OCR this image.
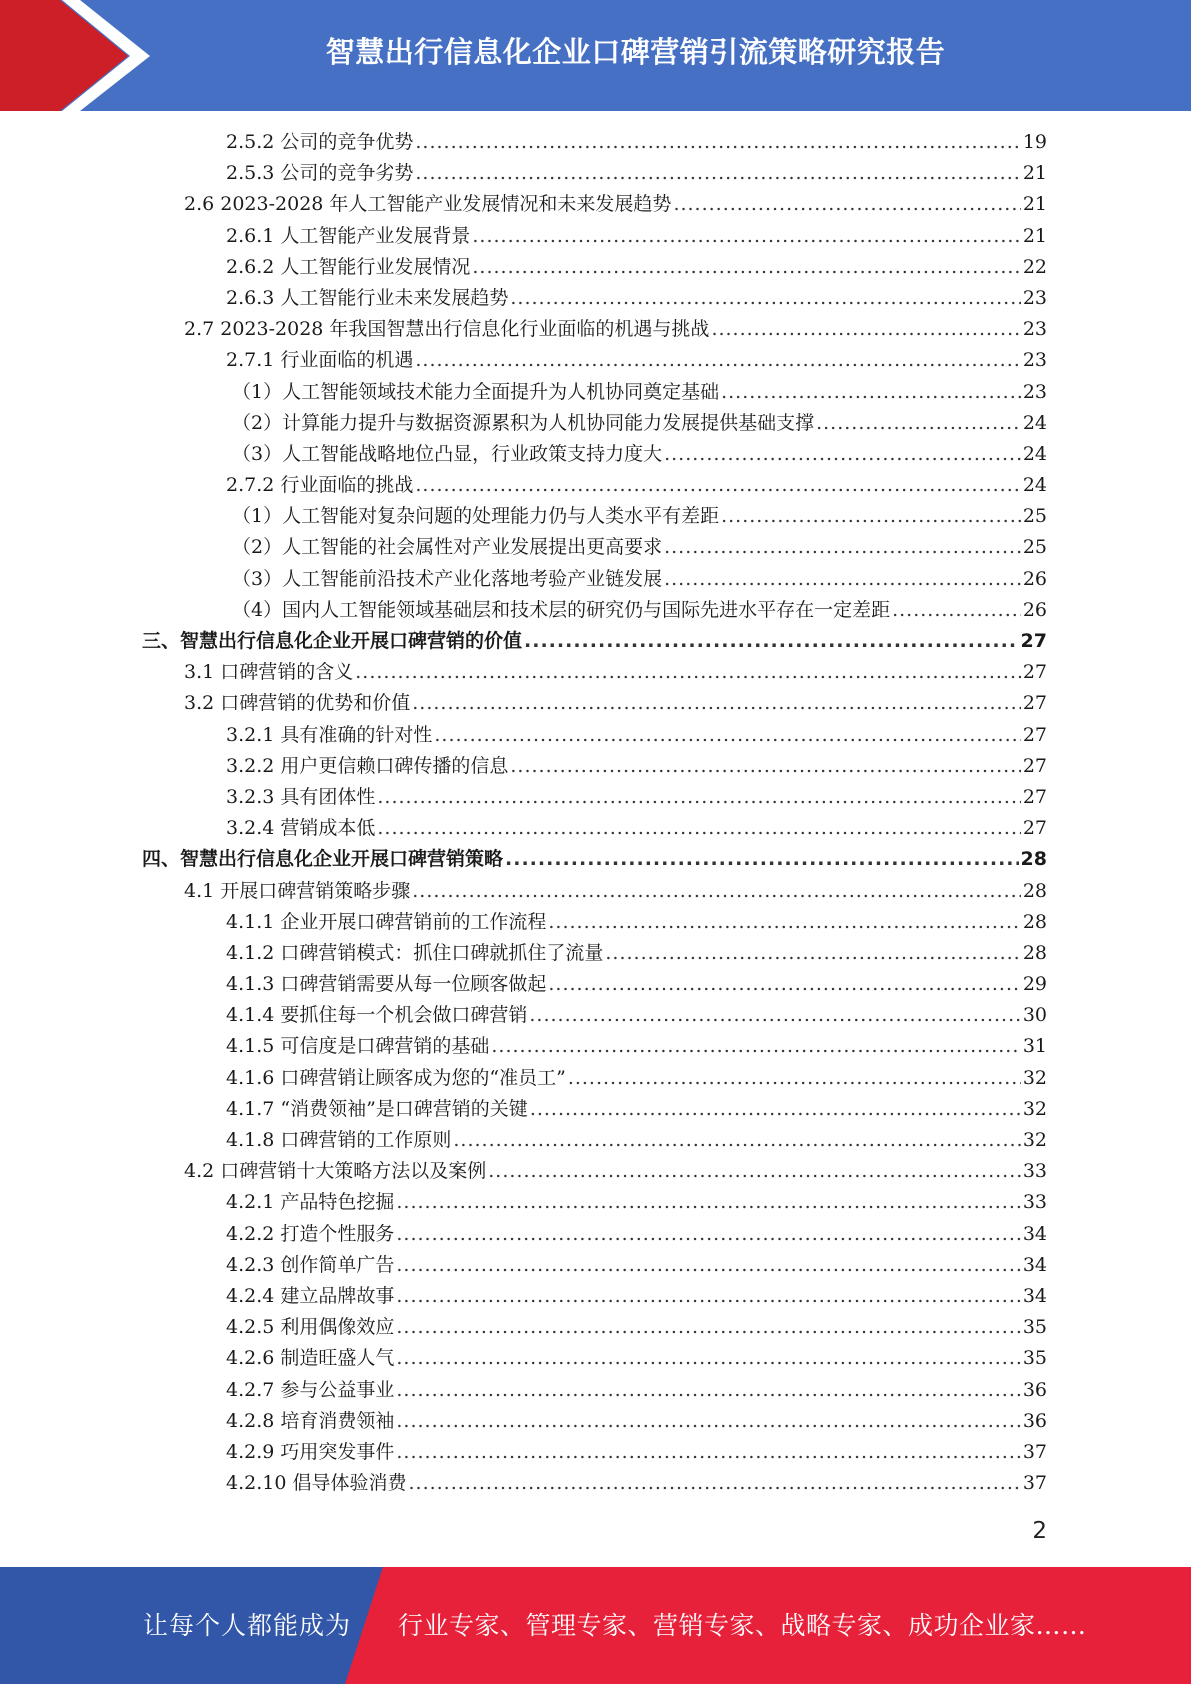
智慧出行信息化企业口碑营销引流策略研究报告
2.5.2 公司的竞争优势 .....	19
2.5.3 公司的竞争劣势 .....	21
2.6 2023-2028 年人工智能产业发展情况和未来发展趋势 .....	21
2.6.1 人工智能产业发展背景 .....	21
2.6.2 人工智能行业发展情况 .....	22
2.6.3 人工智能行业未来发展趋势 .....	23
2.7 2023-2028 年我国智慧出行信息化行业面临的机遇与挑战 .....	23
2.7.1 行业面临的机遇 .....	23
（1）人工智能领域技术能力全面提升为人机协同奠定基础 .....	23
（2）计算能力提升与数据资源累积为人机协同能力发展提供基础支撑 .....	24
（3）人工智能战略地位凸显，行业政策支持力度大 .....	24
2.7.2 行业面临的挑战 .....	24
（1）人工智能对复杂问题的处理能力仍与人类水平有差距 .....	25
（2）人工智能的社会属性对产业发展提出更高要求 .....	25
（3）人工智能前沿技术产业化落地考验产业链发展 .....	26
（4）国内人工智能领域基础层和技术层的研究仍与国际先进水平存在一定差距 .....	26
三、智慧出行信息化企业开展口碑营销的价值 .....	27
3.1 口碑营销的含义 .....	27
3.2 口碑营销的优势和价值 .....	27
3.2.1 具有准确的针对性 .....	27
3.2.2 用户更信赖口碑传播的信息 .....	27
3.2.3 具有团体性 .....	27
3.2.4 营销成本低 .....	27
四、智慧出行信息化企业开展口碑营销策略 .....	28
4.1 开展口碑营销策略步骤 .....	28
4.1.1 企业开展口碑营销前的工作流程 .....	28
4.1.2 口碑营销模式：抓住口碑就抓住了流量 .....	28
4.1.3 口碑营销需要从每一位顾客做起 .....	29
4.1.4 要抓住每一个机会做口碑营销 .....	30
4.1.5 可信度是口碑营销的基础 .....	31
4.1.6 口碑营销让顾客成为您的“准员工” .....	32
4.1.7 “消费领袖”是口碑营销的关键 .....	32
4.1.8 口碑营销的工作原则 .....	32
4.2 口碑营销十大策略方法以及案例 .....	33
4.2.1 产品特色挖掘 .....	33
4.2.2 打造个性服务 .....	34
4.2.3 创作简单广告 .....	34
4.2.4 建立品牌故事 .....	34
4.2.5 利用偶像效应 .....	35
4.2.6 制造旺盛人气 .....	35
4.2.7 参与公益事业 .....	36
4.2.8 培育消费领袖 .....	36
4.2.9 巧用突发事件 .....	37
4.2.10 倡导体验消费 .....	37
2
让每个人都能成为 行业专家、管理专家、营销专家、战略专家、成功企业家……
